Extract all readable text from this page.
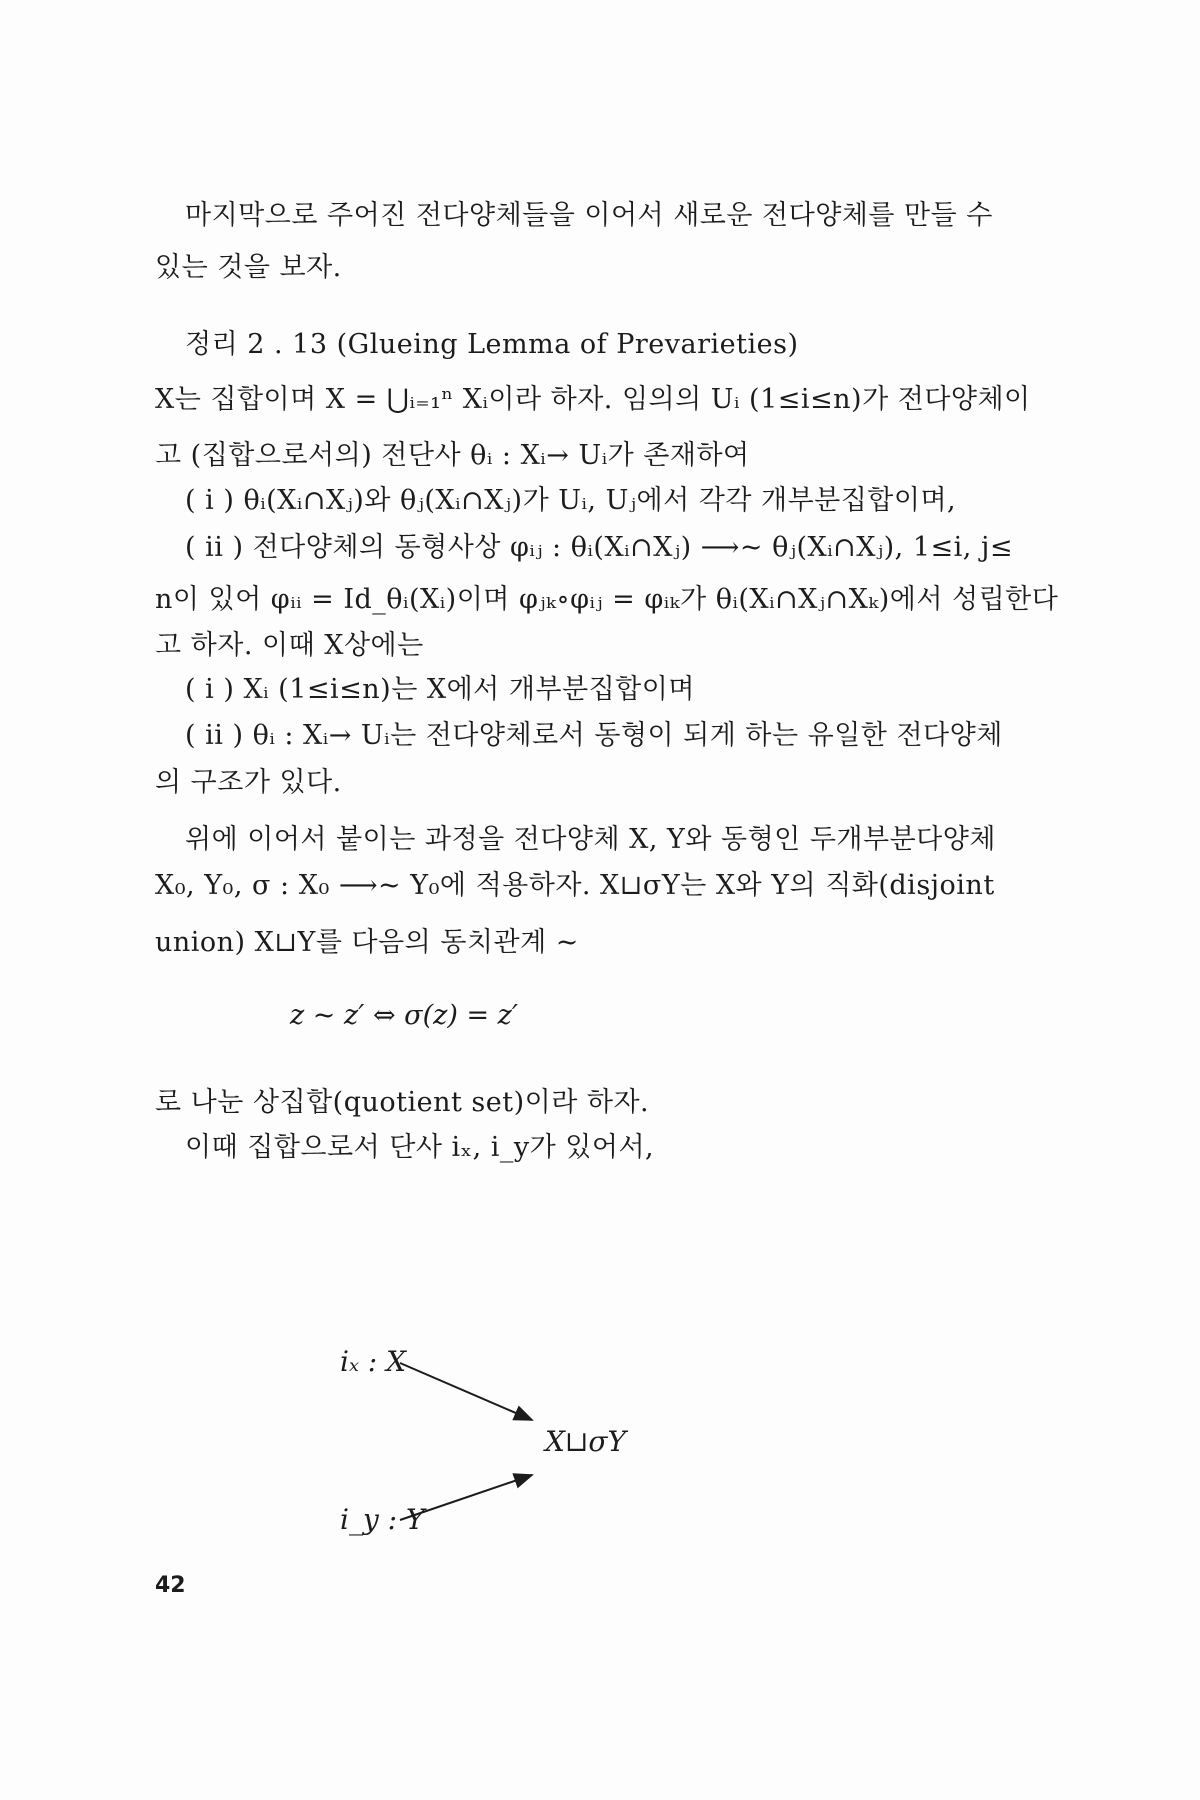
마지막으로 주어진 전다양체들을 이어서 새로운 전다양체를 만들 수
있는 것을 보자.
정리 2 . 13 (Glueing Lemma of Prevarieties)
X는 집합이며 X = ⋃ᵢ₌₁ⁿ Xᵢ이라 하자. 임의의 Uᵢ (1≤i≤n)가 전다양체이
고 (집합으로서의) 전단사 θᵢ : Xᵢ→ Uᵢ가 존재하여
( i ) θᵢ(Xᵢ∩Xⱼ)와 θⱼ(Xᵢ∩Xⱼ)가 Uᵢ, Uⱼ에서 각각 개부분집합이며,
( ii ) 전다양체의 동형사상 φᵢⱼ : θᵢ(Xᵢ∩Xⱼ) ⟶~ θⱼ(Xᵢ∩Xⱼ), 1≤i, j≤
n이 있어 φᵢᵢ = Id_θᵢ(Xᵢ)이며 φⱼₖ∘φᵢⱼ = φᵢₖ가 θᵢ(Xᵢ∩Xⱼ∩Xₖ)에서 성립한다
고 하자. 이때 X상에는
( i ) Xᵢ (1≤i≤n)는 X에서 개부분집합이며
( ii ) θᵢ : Xᵢ→ Uᵢ는 전다양체로서 동형이 되게 하는 유일한 전다양체
의 구조가 있다.
위에 이어서 붙이는 과정을 전다양체 X, Y와 동형인 두개부분다양체
X₀, Y₀, σ : X₀ ⟶~ Y₀에 적용하자. X⊔σY는 X와 Y의 직화(disjoint
union) X⊔Y를 다음의 동치관계 ~
z ~ z′ ⇔ σ(z) = z′
로 나눈 상집합(quotient set)이라 하자.
이때 집합으로서 단사 iₓ, i_y가 있어서,
iₓ : X
i_y : Y
X⊔σY
42
